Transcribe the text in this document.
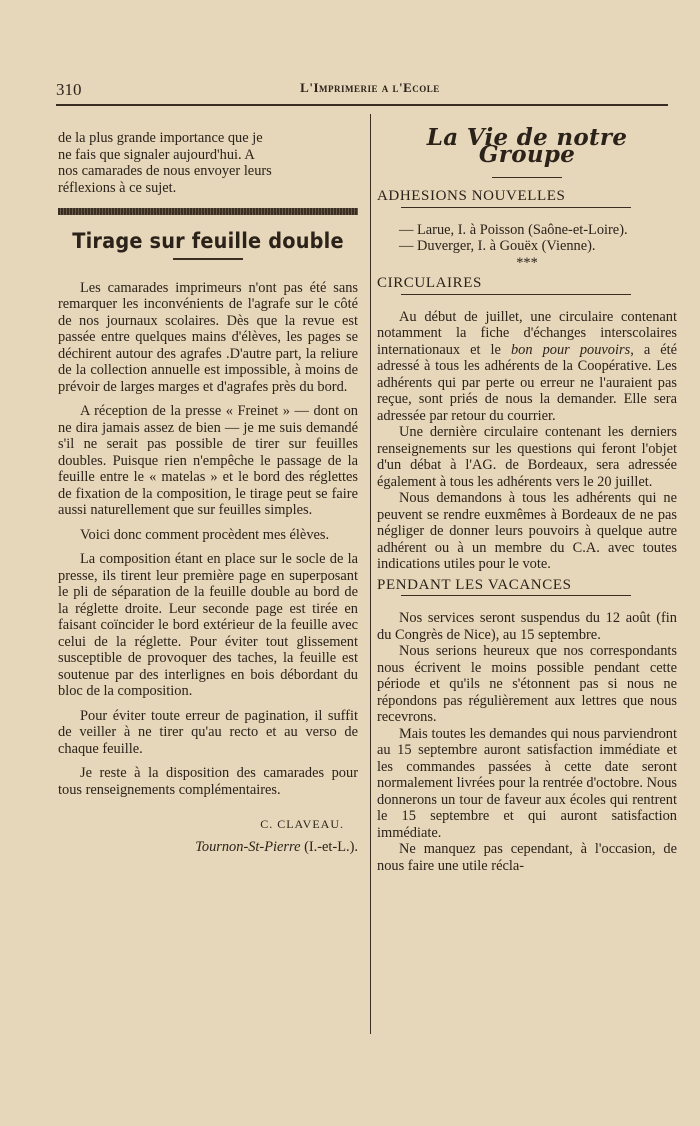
310	L'Imprimerie a l'Ecole

de la plus grande importance que je

ne fais que signaler aujourd'hui. A

nos camarades de nous envoyer leurs

réflexions à ce sujet.

Tirage sur feuille double

Les camarades imprimeurs n'ont pas été sans remarquer les inconvénients de l'agrafe sur le côté de nos journaux scolaires. Dès que la revue est passée entre quelques mains d'élèves, les pages se déchirent autour des agrafes .D'autre part, la reliure de la collection annuelle est impossible, à moins de prévoir de larges marges et d'agrafes près du bord.

A réception de la presse « Freinet » — dont on ne dira jamais assez de bien — je me suis demandé s'il ne serait pas possible de tirer sur feuilles doubles. Puisque rien n'empêche le passage de la feuille entre le « matelas » et le bord des réglettes de fixation de la composition, le tirage peut se faire aussi naturellement que sur feuilles simples.

Voici donc comment procèdent mes élèves.

La composition étant en place sur le socle de la presse, ils tirent leur première page en superposant le pli de séparation de la feuille double au bord de la réglette droite. Leur seconde page est tirée en faisant coïncider le bord extérieur de la feuille avec celui de la réglette. Pour éviter tout glissement susceptible de provoquer des taches, la feuille est soutenue par des interlignes en bois débordant du bloc de la composition.

Pour éviter toute erreur de pagination, il suffit de veiller à ne tirer qu'au recto et au verso de chaque feuille.

Je reste à la disposition des camarades pour tous renseignements complémentaires.

C. CLAVEAU.

Tournon-St-Pierre (I.-et-L.).

La Vie de notre Groupe

ADHESIONS NOUVELLES

— Larue, I. à Poisson (Saône-et-Loire).

— Duverger, I. à Gouëx (Vienne).

***

CIRCULAIRES

Au début de juillet, une circulaire contenant notamment la fiche d'échanges interscolaires internationaux et le bon pour pouvoirs, a été adressé à tous les adhérents de la Coopérative. Les adhérents qui par perte ou erreur ne l'auraient pas reçue, sont priés de nous la demander. Elle sera adressée par retour du courrier.

Une dernière circulaire contenant les derniers renseignements sur les questions qui feront l'objet d'un débat à l'AG. de Bordeaux, sera adressée également à tous les adhérents vers le 20 juillet.

Nous demandons à tous les adhérents qui ne peuvent se rendre euxmêmes à Bordeaux de ne pas négliger de donner leurs pouvoirs à quelque autre adhérent ou à un membre du C.A. avec toutes indications utiles pour le vote.

PENDANT LES VACANCES

Nos services seront suspendus du 12 août (fin du Congrès de Nice), au 15 septembre.

Nous serions heureux que nos correspondants nous écrivent le moins possible pendant cette période et qu'ils ne s'étonnent pas si nous ne répondons pas régulièrement aux lettres que nous recevrons.

Mais toutes les demandes qui nous parviendront au 15 septembre auront satisfaction immédiate et les commandes passées à cette date seront normalement livrées pour la rentrée d'octobre. Nous donnerons un tour de faveur aux écoles qui rentrent le 15 septembre et qui auront satisfaction immédiate.

Ne manquez pas cependant, à l'occasion, de nous faire une utile récla-
